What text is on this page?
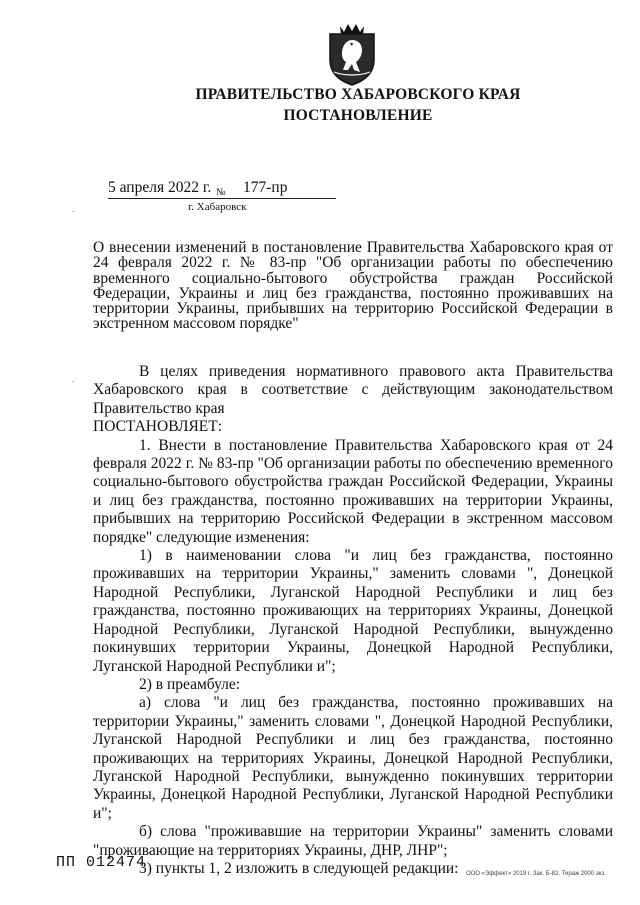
ПРАВИТЕЛЬСТВО ХАБАРОВСКОГО КРАЯ
ПОСТАНОВЛЕНИЕ
5 апреля 2022 г. № 177-пр
г. Хабаровск
.
.
О внесении изменений в постановление Правительства Хабаровского края от 24 февраля 2022 г. № 83-пр "Об организации работы по обеспечению временного социально-бытового обустройства граждан Российской Федерации, Украины и лиц без гражданства, постоянно проживавших на территории Украины, прибывших на территорию Российской Федерации в экстренном массовом порядке"

В целях приведения нормативного правового акта Правительства Хабаровского края в соответствие с действующим законодательством Правительство края

ПОСТАНОВЛЯЕТ:

1. Внести в постановление Правительства Хабаровского края от 24 февраля 2022 г. № 83-пр "Об организации работы по обеспечению временного социально-бытового обустройства граждан Российской Федерации, Украины и лиц без гражданства, постоянно проживавших на территории Украины, прибывших на территорию Российской Федерации в экстренном массовом порядке" следующие изменения:

1) в наименовании слова "и лиц без гражданства, постоянно проживавших на территории Украины," заменить словами ", Донецкой Народной Республики, Луганской Народной Республики и лиц без гражданства, постоянно проживающих на территориях Украины, Донецкой Народной Республики, Луганской Народной Республики, вынужденно покинувших территории Украины, Донецкой Народной Республики, Луганской Народной Республики и";

2) в преамбуле:

а) слова "и лиц без гражданства, постоянно проживавших на территории Украины," заменить словами ", Донецкой Народной Республики, Луганской Народной Республики и лиц без гражданства, постоянно проживающих на территориях Украины, Донецкой Народной Республики, Луганской Народной Республики, вынужденно покинувших территории Украины, Донецкой Народной Республики, Луганской Народной Республики и";

б) слова "проживавшие на территории Украины" заменить словами "проживающие на территориях Украины, ДНР, ЛНР";

3) пункты 1, 2 изложить в следующей редакции:

ПП 012474
ООО «Эффект» 2019 г. Зак. Б-82. Тираж 2000 экз.
